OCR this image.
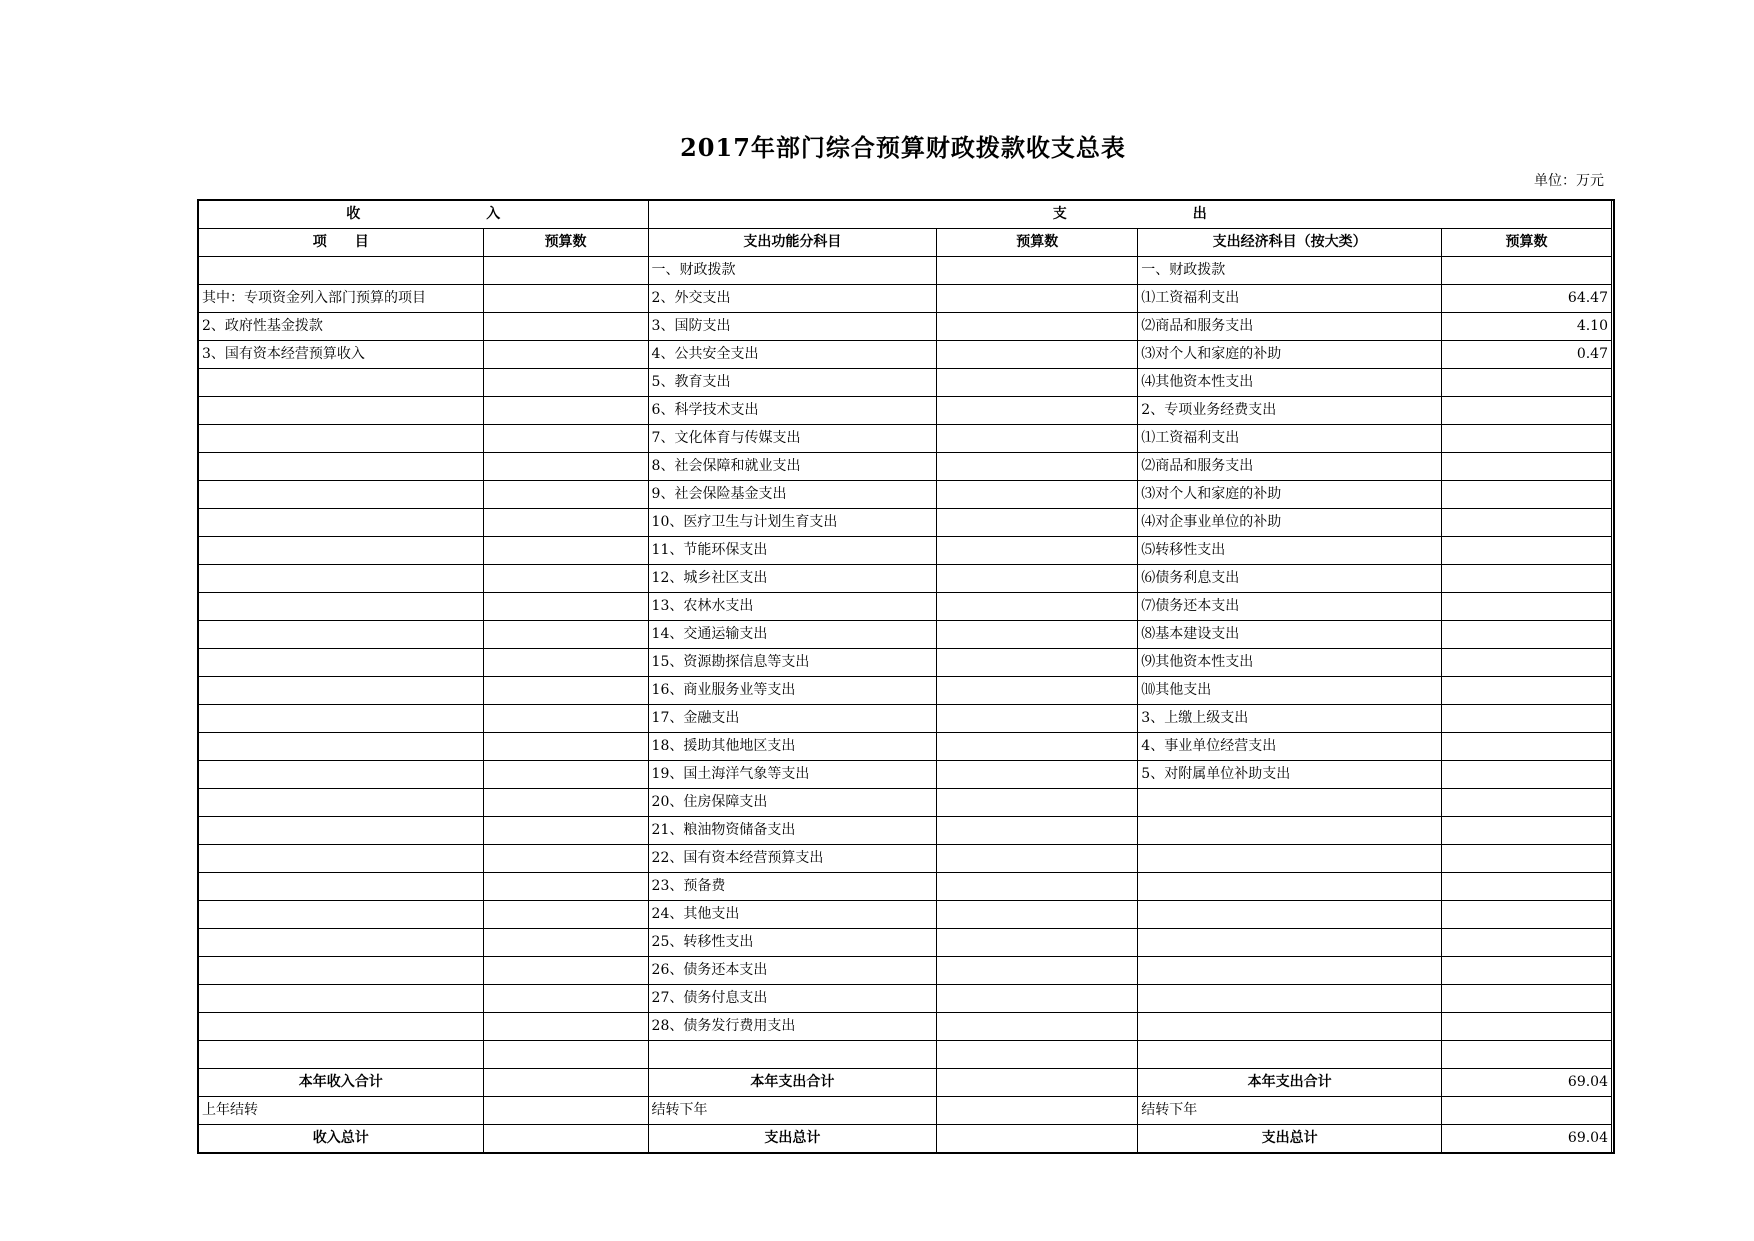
2017年部门综合预算财政拨款收支总表
单位：万元
收　　　　　　　　　入		支　　　　　　　　　出			
项　　目	预算数	支出功能分科目	预算数	支出经济科目（按大类）	预算数
		一、财政拨款		一、财政拨款	
其中：专项资金列入部门预算的项目		2、外交支出		⑴工资福利支出	64.47
2、政府性基金拨款		3、国防支出		⑵商品和服务支出	4.10
3、国有资本经营预算收入		4、公共安全支出		⑶对个人和家庭的补助	0.47
		5、教育支出		⑷其他资本性支出	
		6、科学技术支出		2、专项业务经费支出	
		7、文化体育与传媒支出		⑴工资福利支出	
		8、社会保障和就业支出		⑵商品和服务支出	
		9、社会保险基金支出		⑶对个人和家庭的补助	
		10、医疗卫生与计划生育支出		⑷对企事业单位的补助	
		11、节能环保支出		⑸转移性支出	
		12、城乡社区支出		⑹债务利息支出	
		13、农林水支出		⑺债务还本支出	
		14、交通运输支出		⑻基本建设支出	
		15、资源勘探信息等支出		⑼其他资本性支出	
		16、商业服务业等支出		⑽其他支出	
		17、金融支出		3、上缴上级支出	
		18、援助其他地区支出		4、事业单位经营支出	
		19、国土海洋气象等支出		5、对附属单位补助支出	
		20、住房保障支出			
		21、粮油物资储备支出			
		22、国有资本经营预算支出			
		23、预备费			
		24、其他支出			
		25、转移性支出			
		26、债务还本支出			
		27、债务付息支出			
		28、债务发行费用支出			

本年收入合计		本年支出合计		本年支出合计	69.04
上年结转		结转下年		结转下年	
收入总计		支出总计		支出总计	69.04
